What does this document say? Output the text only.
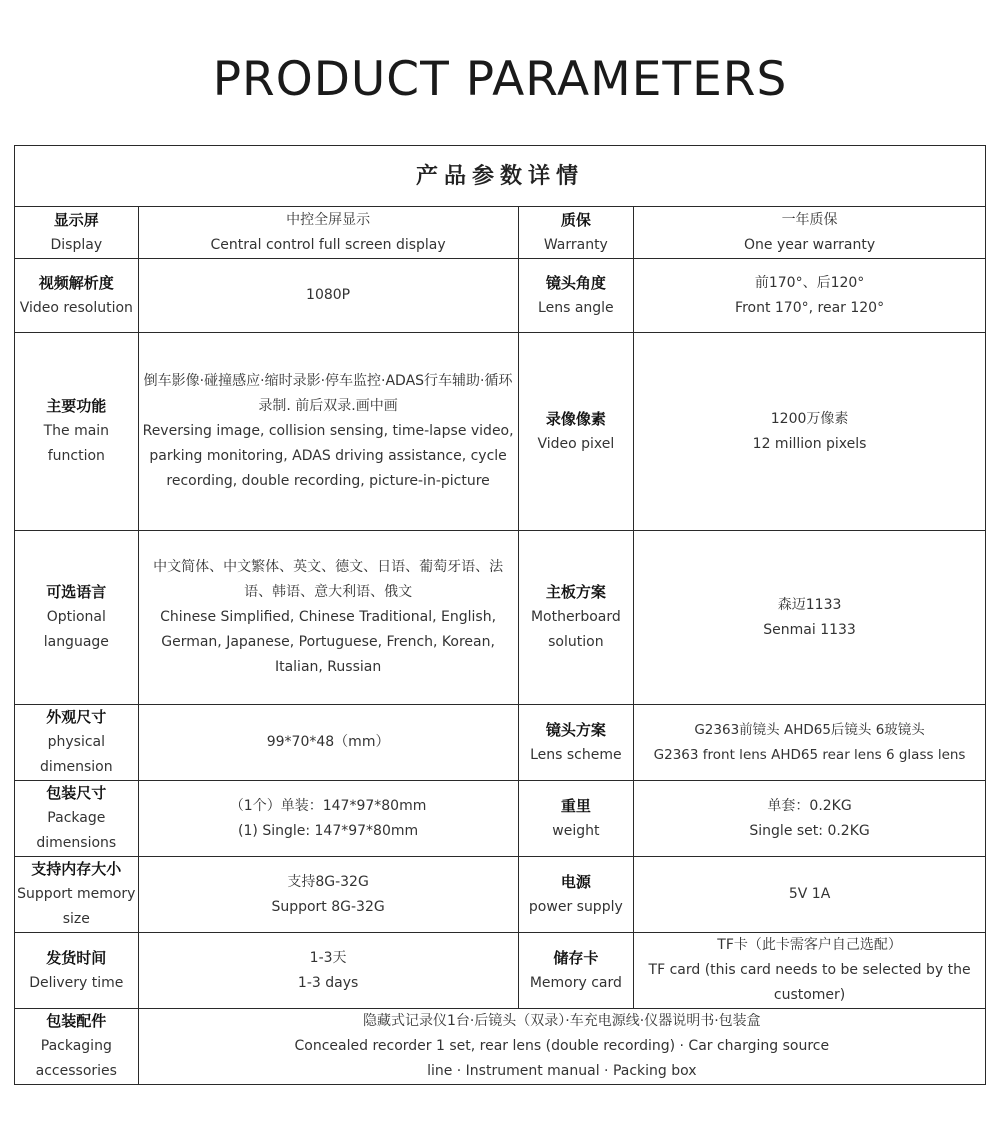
PRODUCT PARAMETERS
产品参数详情			

显示屏
Display	中控全屏显示
Central control full screen display	质保
Warranty	一年质保
One year warranty

视频解析度
Video resolution	1080P	镜头角度
Lens angle	前170°、后120°
Front 170°, rear 120°

主要功能
The main function	倒车影像·碰撞感应·缩时录影·停车监控·ADAS行车辅助·循环录制. 前后双录.画中画
Reversing image, collision sensing, time-lapse video, parking monitoring, ADAS driving assistance, cycle recording, double recording, picture-in-picture	录像像素
Video pixel	1200万像素
12 million pixels

可选语言
Optional language	中文简体、中文繁体、英文、德文、日语、葡萄牙语、法语、韩语、意大利语、俄文
Chinese Simplified, Chinese Traditional, English, German, Japanese, Portuguese, French, Korean, Italian, Russian	主板方案
Motherboard solution	森迈1133
Senmai 1133

外观尺寸
physical dimension	99*70*48（mm）	镜头方案
Lens scheme	G2363前镜头 AHD65后镜头 6玻镜头
G2363 front lens AHD65 rear lens 6 glass lens

包装尺寸
Package dimensions	（1个）单装：147*97*80mm
(1) Single: 147*97*80mm	重里
weight	单套：0.2KG
Single set: 0.2KG

支持内存大小
Support memory size	支持8G-32G
Support 8G-32G	电源
power supply	5V 1A

发货时间
Delivery time	1-3天
1-3 days	储存卡
Memory card	TF卡（此卡需客户自己选配）
TF card (this card needs to be selected by the customer)

包装配件
Packaging accessories	隐藏式记录仪1台·后镜头（双录）·车充电源线·仪器说明书·包装盒
Concealed recorder 1 set, rear lens (double recording) · Car charging source line · Instrument manual · Packing box		
